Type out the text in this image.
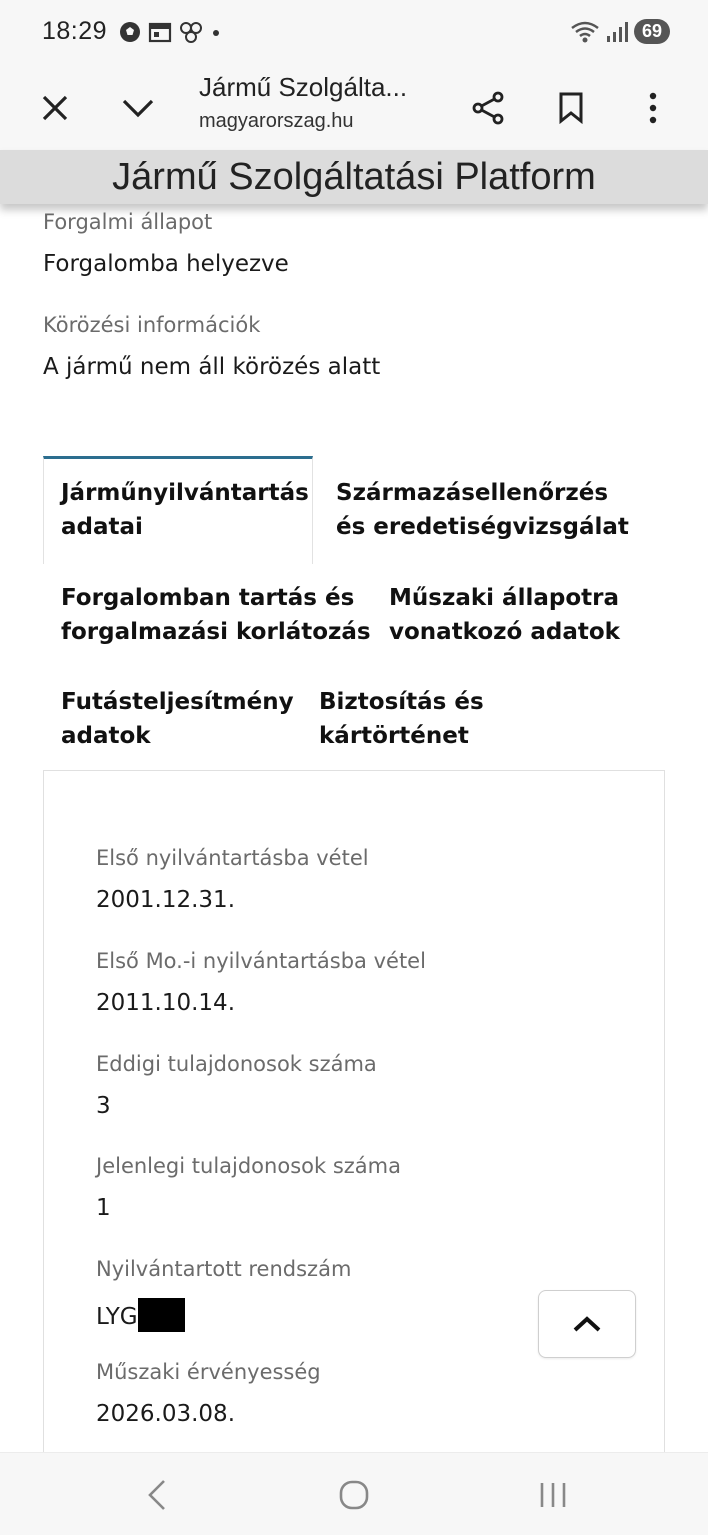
18:29	69
Jármű Szolgálta...
magyarorszag.hu
Jármű Szolgáltatási Platform
Forgalmi állapot
Forgalomba helyezve
Körözési információk
A jármű nem áll körözés alatt
Járműnyilvántartás
adatai
Származásellenőrzés
és eredetiségvizsgálat
Forgalomban tartás és
forgalmazási korlátozás
Műszaki állapotra
vonatkozó adatok
Futásteljesítmény
adatok
Biztosítás és
kártörténet
Első nyilvántartásba vétel
2001.12.31.
Első Mo.-i nyilvántartásba vétel
2011.10.14.
Eddigi tulajdonosok száma
3
Jelenlegi tulajdonosok száma
1
Nyilvántartott rendszám
LYG
Műszaki érvényesség
2026.03.08.
